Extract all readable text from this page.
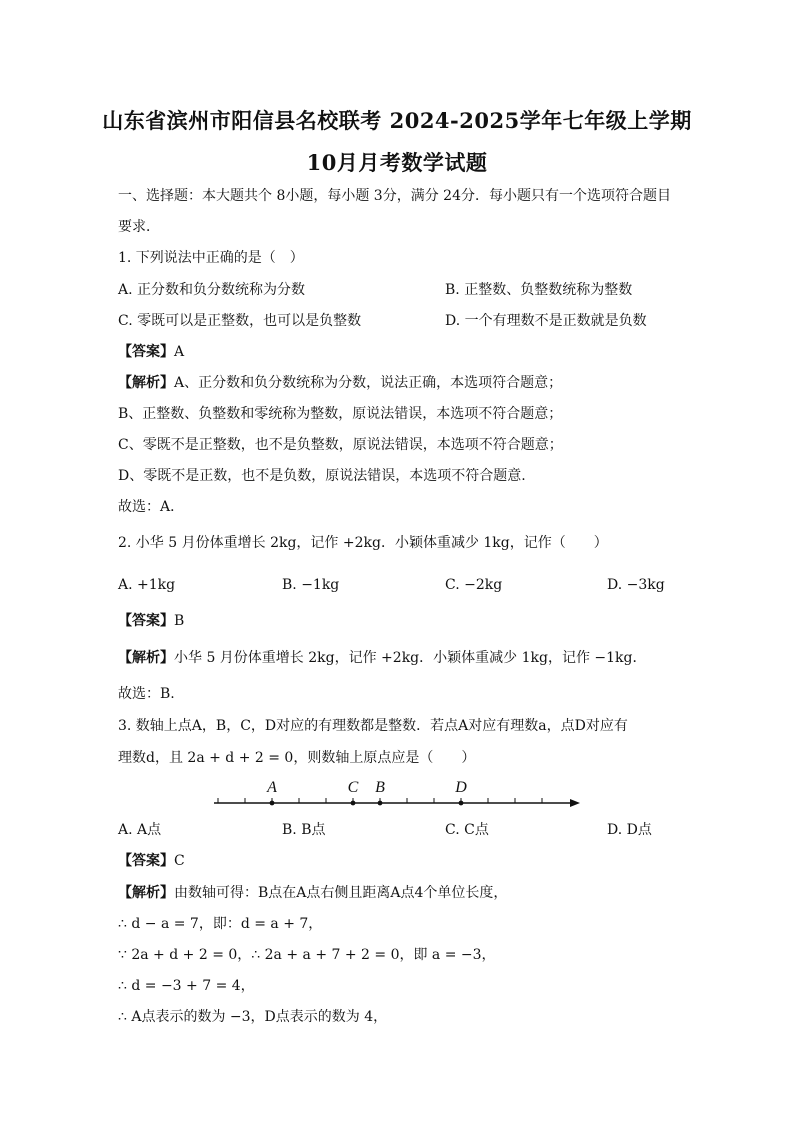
山东省滨州市阳信县名校联考 2024-2025学年七年级上学期
10月月考数学试题
一、选择题：本大题共个 8小题，每小题 3分，满分 24分．每小题只有一个选项符合题目
要求．
1. 下列说法中正确的是（　）
A. 正分数和负分数统称为分数	B. 正整数、负整数统称为整数
C. 零既可以是正整数，也可以是负整数	D. 一个有理数不是正数就是负数
【答案】A
【解析】A、正分数和负分数统称为分数，说法正确，本选项符合题意；
B、正整数、负整数和零统称为整数，原说法错误，本选项不符合题意；
C、零既不是正整数，也不是负整数，原说法错误，本选项不符合题意；
D、零既不是正数，也不是负数，原说法错误，本选项不符合题意.
故选：A．
2. 小华 5 月份体重增长 2kg，记作 +2kg．小颖体重减少 1kg，记作（　　）
A. +1kg	B. −1kg	C. −2kg	D. −3kg
【答案】B
【解析】小华 5 月份体重增长 2kg，记作 +2kg．小颖体重减少 1kg，记作 −1kg．
故选：B.
3. 数轴上点A，B，C，D对应的有理数都是整数．若点A对应有理数a，点D对应有
理数d，且 2a + d + 2 = 0，则数轴上原点应是（　　）
A	C B	D
A. A点	B. B点	C. C点	D. D点
【答案】C
【解析】由数轴可得：B点在A点右侧且距离A点4个单位长度，
∴ d − a = 7，即：d = a + 7，
∵ 2a + d + 2 = 0，∴ 2a + a + 7 + 2 = 0，即 a = −3，
∴ d = −3 + 7 = 4，
∴ A点表示的数为 −3，D点表示的数为 4，
